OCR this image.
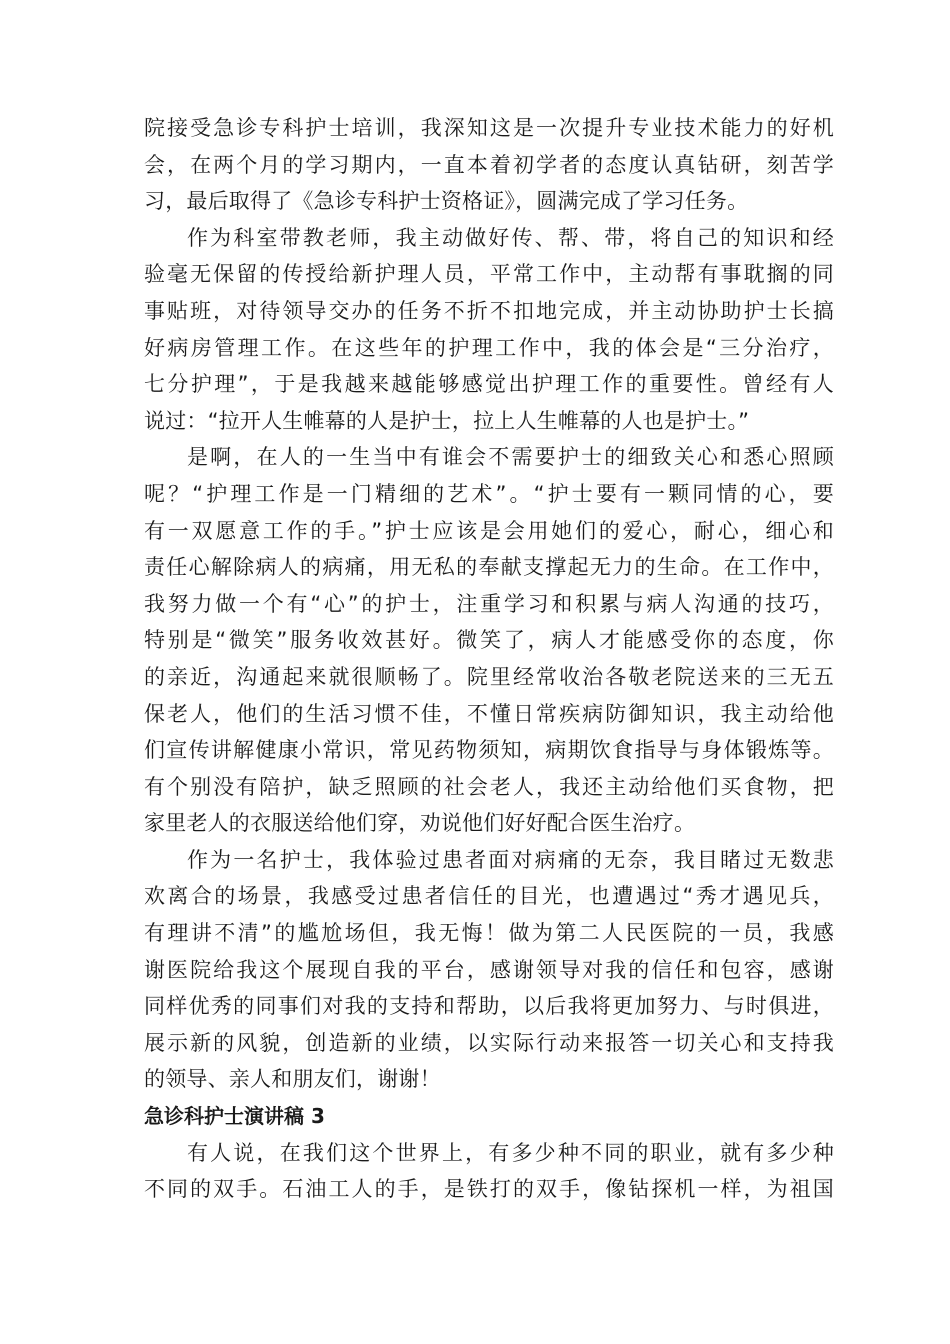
院接受急诊专科护士培训，我深知这是一次提升专业技术能力的好机
会，在两个月的学习期内，一直本着初学者的态度认真钻研，刻苦学
习，最后取得了《急诊专科护士资格证》，圆满完成了学习任务。
作为科室带教老师，我主动做好传、帮、带，将自己的知识和经
验毫无保留的传授给新护理人员，平常工作中，主动帮有事耽搁的同
事贴班，对待领导交办的任务不折不扣地完成，并主动协助护士长搞
好病房管理工作。在这些年的护理工作中，我的体会是“三分治疗，
七分护理”，于是我越来越能够感觉出护理工作的重要性。曾经有人
说过：“拉开人生帷幕的人是护士，拉上人生帷幕的人也是护士。”
是啊，在人的一生当中有谁会不需要护士的细致关心和悉心照顾
呢？“护理工作是一门精细的艺术”。“护士要有一颗同情的心，要
有一双愿意工作的手。”护士应该是会用她们的爱心，耐心，细心和
责任心解除病人的病痛，用无私的奉献支撑起无力的生命。在工作中，
我努力做一个有“心”的护士，注重学习和积累与病人沟通的技巧，
特别是“微笑”服务收效甚好。微笑了，病人才能感受你的态度，你
的亲近，沟通起来就很顺畅了。院里经常收治各敬老院送来的三无五
保老人，他们的生活习惯不佳，不懂日常疾病防御知识，我主动给他
们宣传讲解健康小常识，常见药物须知，病期饮食指导与身体锻炼等。
有个别没有陪护，缺乏照顾的社会老人，我还主动给他们买食物，把
家里老人的衣服送给他们穿，劝说他们好好配合医生治疗。
作为一名护士，我体验过患者面对病痛的无奈，我目睹过无数悲
欢离合的场景，我感受过患者信任的目光，也遭遇过“秀才遇见兵，
有理讲不清”的尴尬场但，我无悔！做为第二人民医院的一员，我感
谢医院给我这个展现自我的平台，感谢领导对我的信任和包容，感谢
同样优秀的同事们对我的支持和帮助，以后我将更加努力、与时俱进，
展示新的风貌，创造新的业绩，以实际行动来报答一切关心和支持我
的领导、亲人和朋友们，谢谢！
急诊科护士演讲稿 3
有人说，在我们这个世界上，有多少种不同的职业，就有多少种
不同的双手。石油工人的手，是铁打的双手，像钻探机一样，为祖国
